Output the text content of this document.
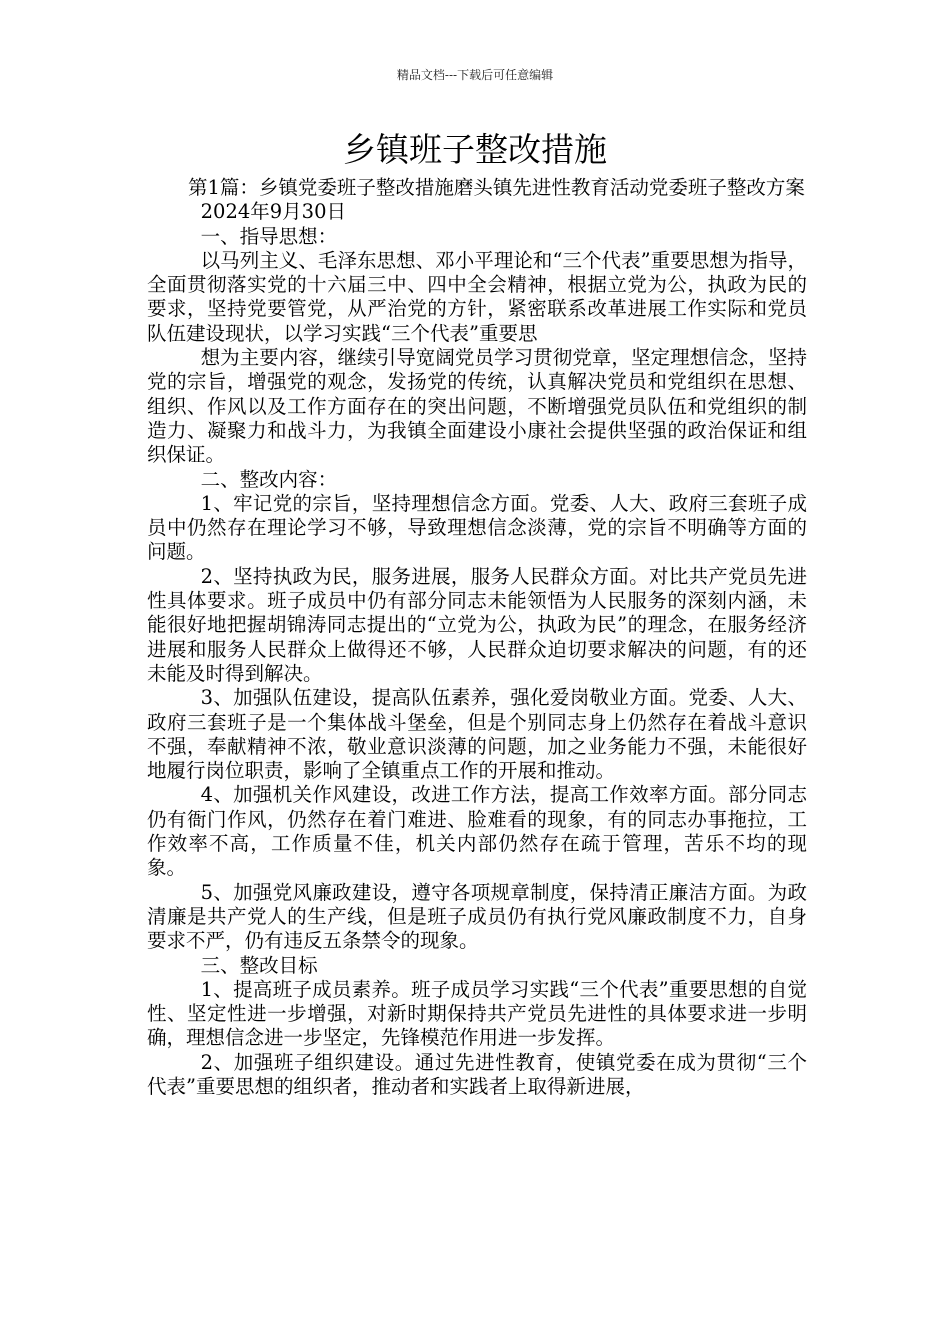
精品文档---下载后可任意编辑
乡镇班子整改措施

第1篇：乡镇党委班子整改措施磨头镇先进性教育活动党委班子整改方案

2024年9月30日

一、指导思想：

以马列主义、毛泽东思想、邓小平理论和“三个代表”重要思想为指导，全面贯彻落实党的十六届三中、四中全会精神，根据立党为公，执政为民的要求，坚持党要管党，从严治党的方针，紧密联系改革进展工作实际和党员队伍建设现状，以学习实践“三个代表”重要思

想为主要内容，继续引导宽阔党员学习贯彻党章，坚定理想信念，坚持党的宗旨，增强党的观念，发扬党的传统，认真解决党员和党组织在思想、组织、作风以及工作方面存在的突出问题，不断增强党员队伍和党组织的制造力、凝聚力和战斗力，为我镇全面建设小康社会提供坚强的政治保证和组织保证。

二、整改内容：

1、牢记党的宗旨，坚持理想信念方面。党委、人大、政府三套班子成员中仍然存在理论学习不够，导致理想信念淡薄，党的宗旨不明确等方面的问题。

2、坚持执政为民，服务进展，服务人民群众方面。对比共产党员先进性具体要求。班子成员中仍有部分同志未能领悟为人民服务的深刻内涵，未能很好地把握胡锦涛同志提出的“立党为公，执政为民”的理念，在服务经济进展和服务人民群众上做得还不够，人民群众迫切要求解决的问题，有的还未能及时得到解决。

3、加强队伍建设，提高队伍素养，强化爱岗敬业方面。党委、人大、政府三套班子是一个集体战斗堡垒，但是个别同志身上仍然存在着战斗意识不强，奉献精神不浓，敬业意识淡薄的问题，加之业务能力不强，未能很好地履行岗位职责，影响了全镇重点工作的开展和推动。

4、加强机关作风建设，改进工作方法，提高工作效率方面。部分同志仍有衙门作风，仍然存在着门难进、脸难看的现象，有的同志办事拖拉，工作效率不高，工作质量不佳，机关内部仍然存在疏于管理，苦乐不均的现象。

5、加强党风廉政建设，遵守各项规章制度，保持清正廉洁方面。为政清廉是共产党人的生产线，但是班子成员仍有执行党风廉政制度不力，自身要求不严，仍有违反五条禁令的现象。

三、整改目标

1、提高班子成员素养。班子成员学习实践“三个代表”重要思想的自觉性、坚定性进一步增强，对新时期保持共产党员先进性的具体要求进一步明确，理想信念进一步坚定，先锋模范作用进一步发挥。

2、加强班子组织建设。通过先进性教育，使镇党委在成为贯彻“三个代表”重要思想的组织者，推动者和实践者上取得新进展，
